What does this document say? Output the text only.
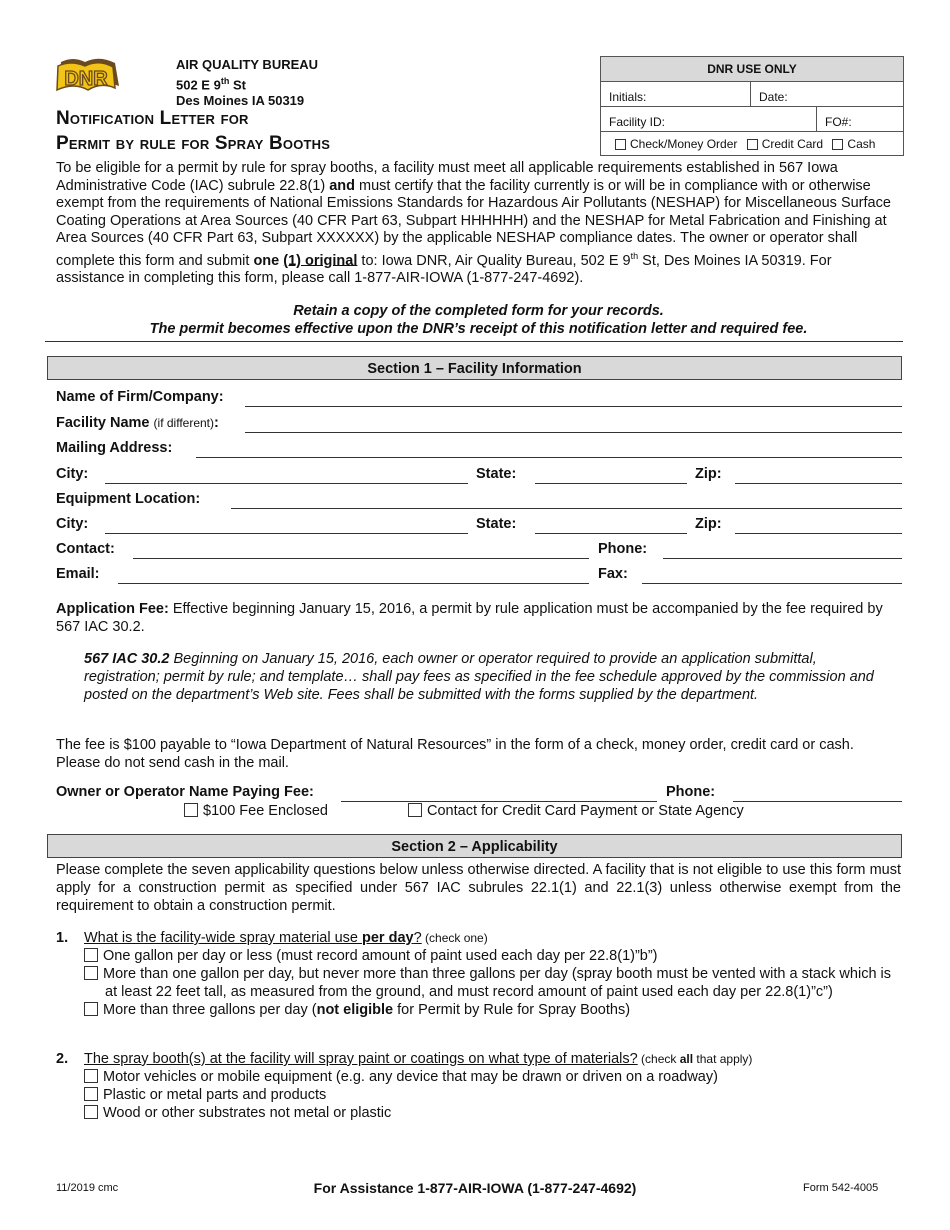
DNR
AIR QUALITY BUREAU
502 E 9th St
Des Moines IA 50319
Notification Letter for
Permit by rule for Spray Booths
DNR USE ONLY
Initials:	Date:
Facility ID:	FO#:
Check/Money Order Credit Card Cash
To be eligible for a permit by rule for spray booths, a facility must meet all applicable requirements established in 567 Iowa Administrative Code (IAC) subrule 22.8(1) and must certify that the facility currently is or will be in compliance with or otherwise exempt from the requirements of National Emissions Standards for Hazardous Air Pollutants (NESHAP) for Miscellaneous Surface Coating Operations at Area Sources (40 CFR Part 63, Subpart HHHHHH) and the NESHAP for Metal Fabrication and Finishing at Area Sources (40 CFR Part 63, Subpart XXXXXX) by the applicable NESHAP compliance dates. The owner or operator shall complete this form and submit one (1) original to: Iowa DNR, Air Quality Bureau, 502 E 9th St, Des Moines IA 50319. For assistance in completing this form, please call 1-877-AIR-IOWA (1-877-247-4692).
Retain a copy of the completed form for your records.
The permit becomes effective upon the DNR’s receipt of this notification letter and required fee.
Section 1 – Facility Information
Name of Firm/Company:
Facility Name (if different):
Mailing Address:
City:	State:	Zip:
Equipment Location:
City:	State:	Zip:
Contact:	Phone:
Email:	Fax:
Application Fee: Effective beginning January 15, 2016, a permit by rule application must be accompanied by the fee required by 567 IAC 30.2.
567 IAC 30.2 Beginning on January 15, 2016, each owner or operator required to provide an application submittal, registration; permit by rule; and template… shall pay fees as specified in the fee schedule approved by the commission and posted on the department’s Web site. Fees shall be submitted with the forms supplied by the department.
The fee is $100 payable to “Iowa Department of Natural Resources” in the form of a check, money order, credit card or cash. Please do not send cash in the mail.
Owner or Operator Name Paying Fee:	Phone:
$100 Fee Enclosed	Contact for Credit Card Payment or State Agency
Section 2 – Applicability
Please complete the seven applicability questions below unless otherwise directed. A facility that is not eligible to use this form must apply for a construction permit as specified under 567 IAC subrules 22.1(1) and 22.1(3) unless otherwise exempt from the requirement to obtain a construction permit.
1. What is the facility-wide spray material use per day? (check one)
One gallon per day or less (must record amount of paint used each day per 22.8(1)”b”)
More than one gallon per day, but never more than three gallons per day (spray booth must be vented with a stack which is at least 22 feet tall, as measured from the ground, and must record amount of paint used each day per 22.8(1)”c”)
More than three gallons per day (not eligible for Permit by Rule for Spray Booths)
2. The spray booth(s) at the facility will spray paint or coatings on what type of materials? (check all that apply)
Motor vehicles or mobile equipment (e.g. any device that may be drawn or driven on a roadway)
Plastic or metal parts and products
Wood or other substrates not metal or plastic
11/2019 cmc	For Assistance 1-877-AIR-IOWA (1-877-247-4692)	Form 542-4005
